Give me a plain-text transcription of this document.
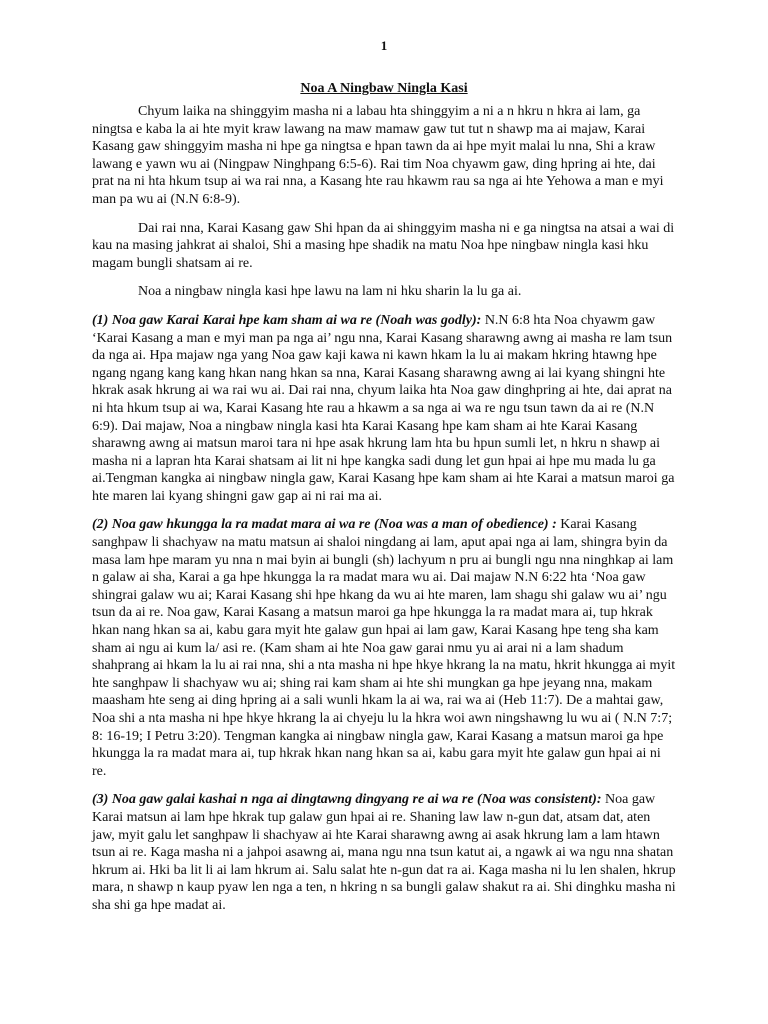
1
Noa A Ningbaw Ningla Kasi

Chyum laika na shinggyim masha ni a labau hta shinggyim a ni a n hkru n hkra ai lam, ga ningtsa e kaba la ai hte myit kraw lawang na maw mamaw gaw tut tut n shawp ma ai majaw, Karai Kasang gaw shinggyim masha ni hpe ga ningtsa e hpan tawn da ai hpe myit malai lu nna, Shi a kraw lawang e yawn wu ai (Ningpaw Ninghpang 6:5-6). Rai tim Noa chyawm gaw, ding hpring ai hte, dai prat na ni hta hkum tsup ai wa rai nna, a Kasang hte rau hkawm rau sa nga ai hte Yehowa a man e myi man pa wu ai (N.N 6:8-9).

Dai rai nna, Karai Kasang gaw Shi hpan da ai shinggyim masha ni e ga ningtsa na atsai a wai di kau na masing jahkrat ai shaloi, Shi a masing hpe shadik na matu Noa hpe ningbaw ningla kasi hku magam bungli shatsam ai re.

Noa a ningbaw ningla kasi hpe lawu na lam ni hku sharin la lu ga ai.

(1) Noa gaw Karai Karai hpe kam sham ai wa re (Noah was godly): N.N 6:8 hta Noa chyawm gaw ‘Karai Kasang a man e myi man pa nga ai’ ngu nna, Karai Kasang sharawng awng ai masha re lam tsun da nga ai. Hpa majaw nga yang Noa gaw kaji kawa ni kawn hkam la lu ai makam hkring htawng hpe ngang ngang kang kang hkan nang hkan sa nna, Karai Kasang sharawng awng ai lai kyang shingni hte hkrak asak hkrung ai wa rai wu ai. Dai rai nna, chyum laika hta Noa gaw dinghpring ai hte, dai aprat na ni hta hkum tsup ai wa, Karai Kasang hte rau a hkawm a sa nga ai wa re ngu tsun tawn da ai re (N.N 6:9). Dai majaw, Noa a ningbaw ningla kasi hta Karai Kasang hpe kam sham ai hte Karai Kasang sharawng awng ai matsun maroi tara ni hpe asak hkrung lam hta bu hpun sumli let, n hkru n shawp ai masha ni a lapran hta Karai shatsam ai lit ni hpe kangka sadi dung let gun hpai ai hpe mu mada lu ga ai.Tengman kangka ai ningbaw ningla gaw, Karai Kasang hpe kam sham ai hte Karai a matsun maroi ga hte maren lai kyang shingni gaw gap ai ni rai ma ai.

(2) Noa gaw hkungga la ra madat mara ai wa re (Noa was a man of obedience) : Karai Kasang sanghpaw li shachyaw na matu matsun ai shaloi ningdang ai lam, aput apai nga ai lam, shingra byin da masa lam hpe maram yu nna n mai byin ai bungli (sh) lachyum n pru ai bungli ngu nna ninghkap ai lam n galaw ai sha, Karai a ga hpe hkungga la ra madat mara wu ai. Dai majaw N.N 6:22 hta ‘Noa gaw shingrai galaw wu ai; Karai Kasang shi hpe hkang da wu ai hte maren, lam shagu shi galaw wu ai’ ngu tsun da ai re. Noa gaw, Karai Kasang a matsun maroi ga hpe hkungga la ra madat mara ai, tup hkrak hkan nang hkan sa ai, kabu gara myit hte galaw gun hpai ai lam gaw, Karai Kasang hpe teng sha kam sham ai ngu ai kum la/ asi re. (Kam sham ai hte Noa gaw garai nmu yu ai arai ni a lam shadum shahprang ai hkam la lu ai rai nna, shi a nta masha ni hpe hkye hkrang la na matu, hkrit hkungga ai myit hte sanghpaw li shachyaw wu ai; shing rai kam sham ai hte shi mungkan ga hpe jeyang nna, makam maasham hte seng ai ding hpring ai a sali wunli hkam la ai wa, rai wa ai (Heb 11:7). De a mahtai gaw, Noa shi a nta masha ni hpe hkye hkrang la ai chyeju lu la hkra woi awn ningshawng lu wu ai ( N.N 7:7; 8: 16-19; I Petru 3:20). Tengman kangka ai ningbaw ningla gaw, Karai Kasang a matsun maroi ga hpe hkungga la ra madat mara ai, tup hkrak hkan nang hkan sa ai, kabu gara myit hte galaw gun hpai ai ni re.

(3) Noa gaw galai kashai n nga ai dingtawng dingyang re ai wa re (Noa was consistent): Noa gaw Karai matsun ai lam hpe hkrak tup galaw gun hpai ai re. Shaning law law n-gun dat, atsam dat, aten jaw, myit galu let sanghpaw li shachyaw ai hte Karai sharawng awng ai asak hkrung lam a lam htawn tsun ai re. Kaga masha ni a jahpoi asawng ai, mana ngu nna tsun katut ai, a ngawk ai wa ngu nna shatan hkrum ai. Hki ba lit li ai lam hkrum ai. Salu salat hte n-gun dat ra ai. Kaga masha ni lu len shalen, hkrup mara, n shawp n kaup pyaw len nga a ten, n hkring n sa bungli galaw shakut ra ai. Shi dinghku masha ni sha shi ga hpe madat ai.
